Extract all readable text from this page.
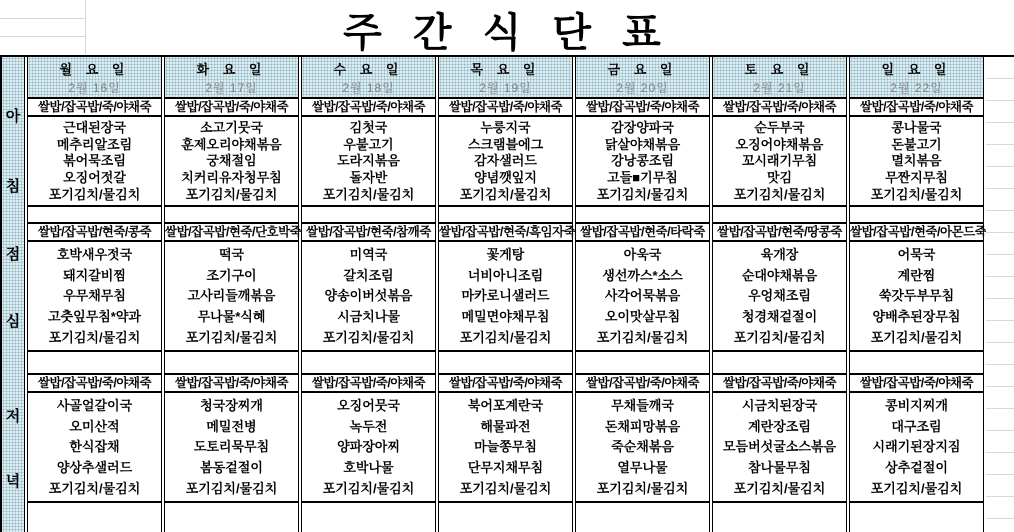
주 간 식 단 표
아
침
점
심
저
녁
월 요 일
2월 16일
쌀밥/잡곡밥/죽/야채죽
근대된장국
메추리알조림
볶어묵조림
오징어젓갈
포기김치/물김치
쌀밥/잡곡밥/현죽/콩죽
호박새우젓국
돼지갈비찜
우무채무침
고춧잎무침*약과
포기김치/물김치
쌀밥/잡곡밥/죽/야채죽
사골얼갈이국
오미산적
한식잡채
양상추샐러드
포기김치/물김치
화 요 일
2월 17일
쌀밥/잡곡밥/죽/야채죽
소고기뭇국
훈제오리야채볶음
궁채절임
치커리유자청무침
포기김치/물김치
쌀밥/잡곡밥/현죽/단호박죽
떡국
조기구이
고사리들깨볶음
무나물*식혜
포기김치/물김치
쌀밥/잡곡밥/죽/야채죽
청국장찌개
메밀전병
도토리묵무침
봄동겉절이
포기김치/물김치
수 요 일
2월 18일
쌀밥/잡곡밥/죽/야채죽
김첫국
우불고기
도라지볶음
돌자반
포기김치/물김치
쌀밥/잡곡밥/현죽/참깨죽
미역국
갈치조림
양송이버섯볶음
시금치나물
포기김치/물김치
쌀밥/잡곡밥/죽/야채죽
오징어뭇국
녹두전
양파장아찌
호박나물
포기김치/물김치
목 요 일
2월 19일
쌀밥/잡곡밥/죽/야채죽
누룽지국
스크램블에그
감자샐러드
양념깻잎지
포기김치/물김치
쌀밥/잡곡밥/현죽/흑임자죽
꽃게탕
너비아니조림
마카로니샐러드
메밀면야채무침
포기김치/물김치
쌀밥/잡곡밥/죽/야채죽
북어포계란국
해물파전
마늘쫑무침
단무지채무침
포기김치/물김치
금 요 일
2월 20일
쌀밥/잡곡밥/죽/야채죽
감장양파국
닭살야채볶음
강낭콩조림
고들■기무침
포기김치/물김치
쌀밥/잡곡밥/현죽/타락죽
아욱국
생선까스*소스
사각어묵볶음
오이맛살무침
포기김치/물김치
쌀밥/잡곡밥/죽/야채죽
무채들깨국
돈채피망볶음
죽순채볶음
열무나물
포기김치/물김치
토 요 일
2월 21일
쌀밥/잡곡밥/죽/야채죽
순두부국
오징어야채볶음
꼬시래기무침
맛김
포기김치/물김치
쌀밥/잡곡밥/현죽/땅콩죽
육개장
순대야채볶음
우엉채조림
청경채겉절이
포기김치/물김치
쌀밥/잡곡밥/죽/야채죽
시금치된장국
계란장조림
모듬버섯굴소스볶음
참나물무침
포기김치/물김치
일 요 일
2월 22일
쌀밥/잡곡밥/죽/야채죽
콩나물국
돈불고기
멸치볶음
무짠지무침
포기김치/물김치
쌀밥/잡곡밥/현죽/아몬드죽
어묵국
계란찜
쑥갓두부무침
양배추된장무침
포기김치/물김치
쌀밥/잡곡밥/죽/야채죽
콩비지찌개
대구조림
시래기된장지짐
상추겉절이
포기김치/물김치
